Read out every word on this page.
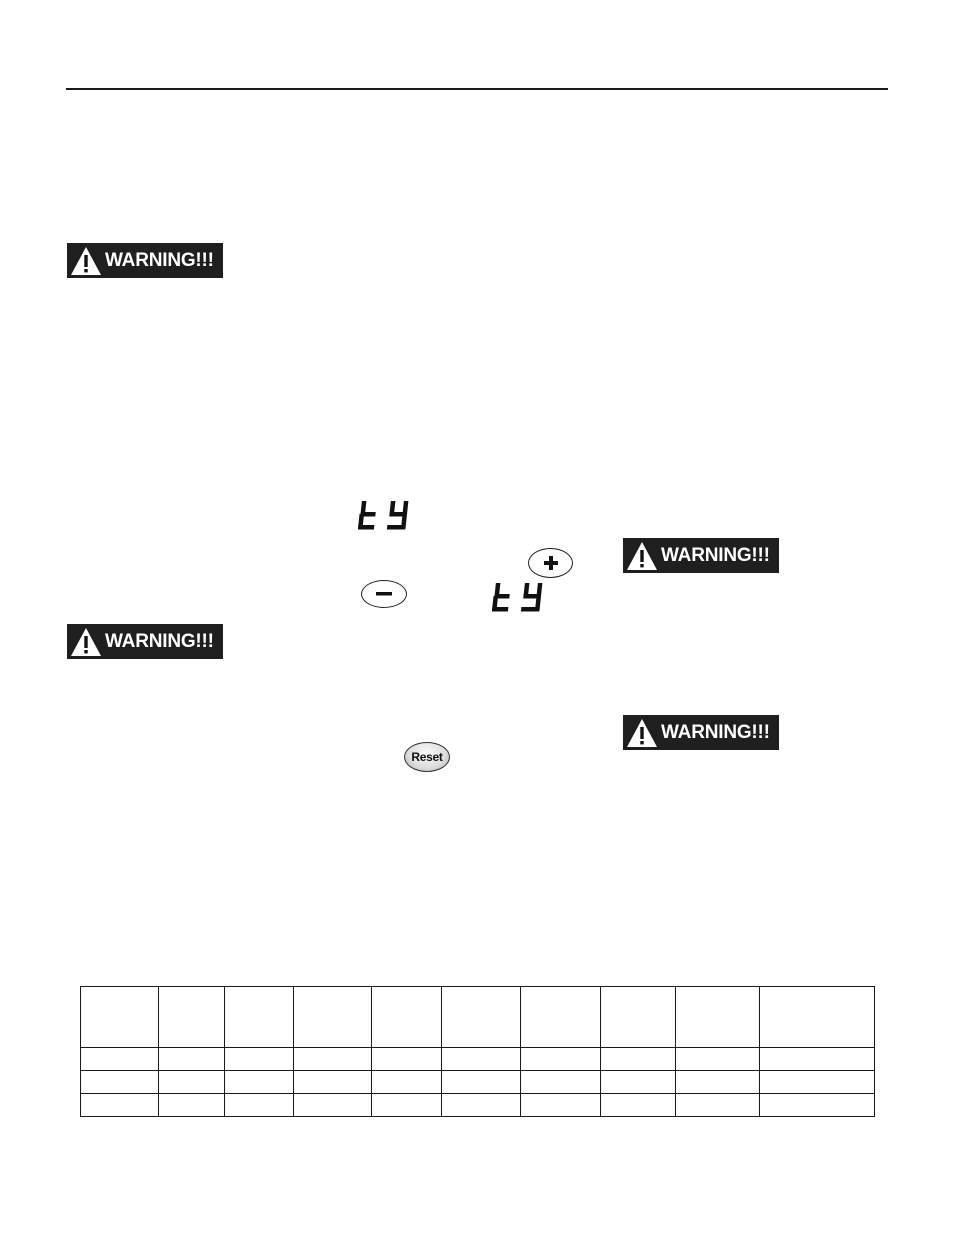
WARNING!!!
WARNING!!!
WARNING!!!
WARNING!!!
Reset
